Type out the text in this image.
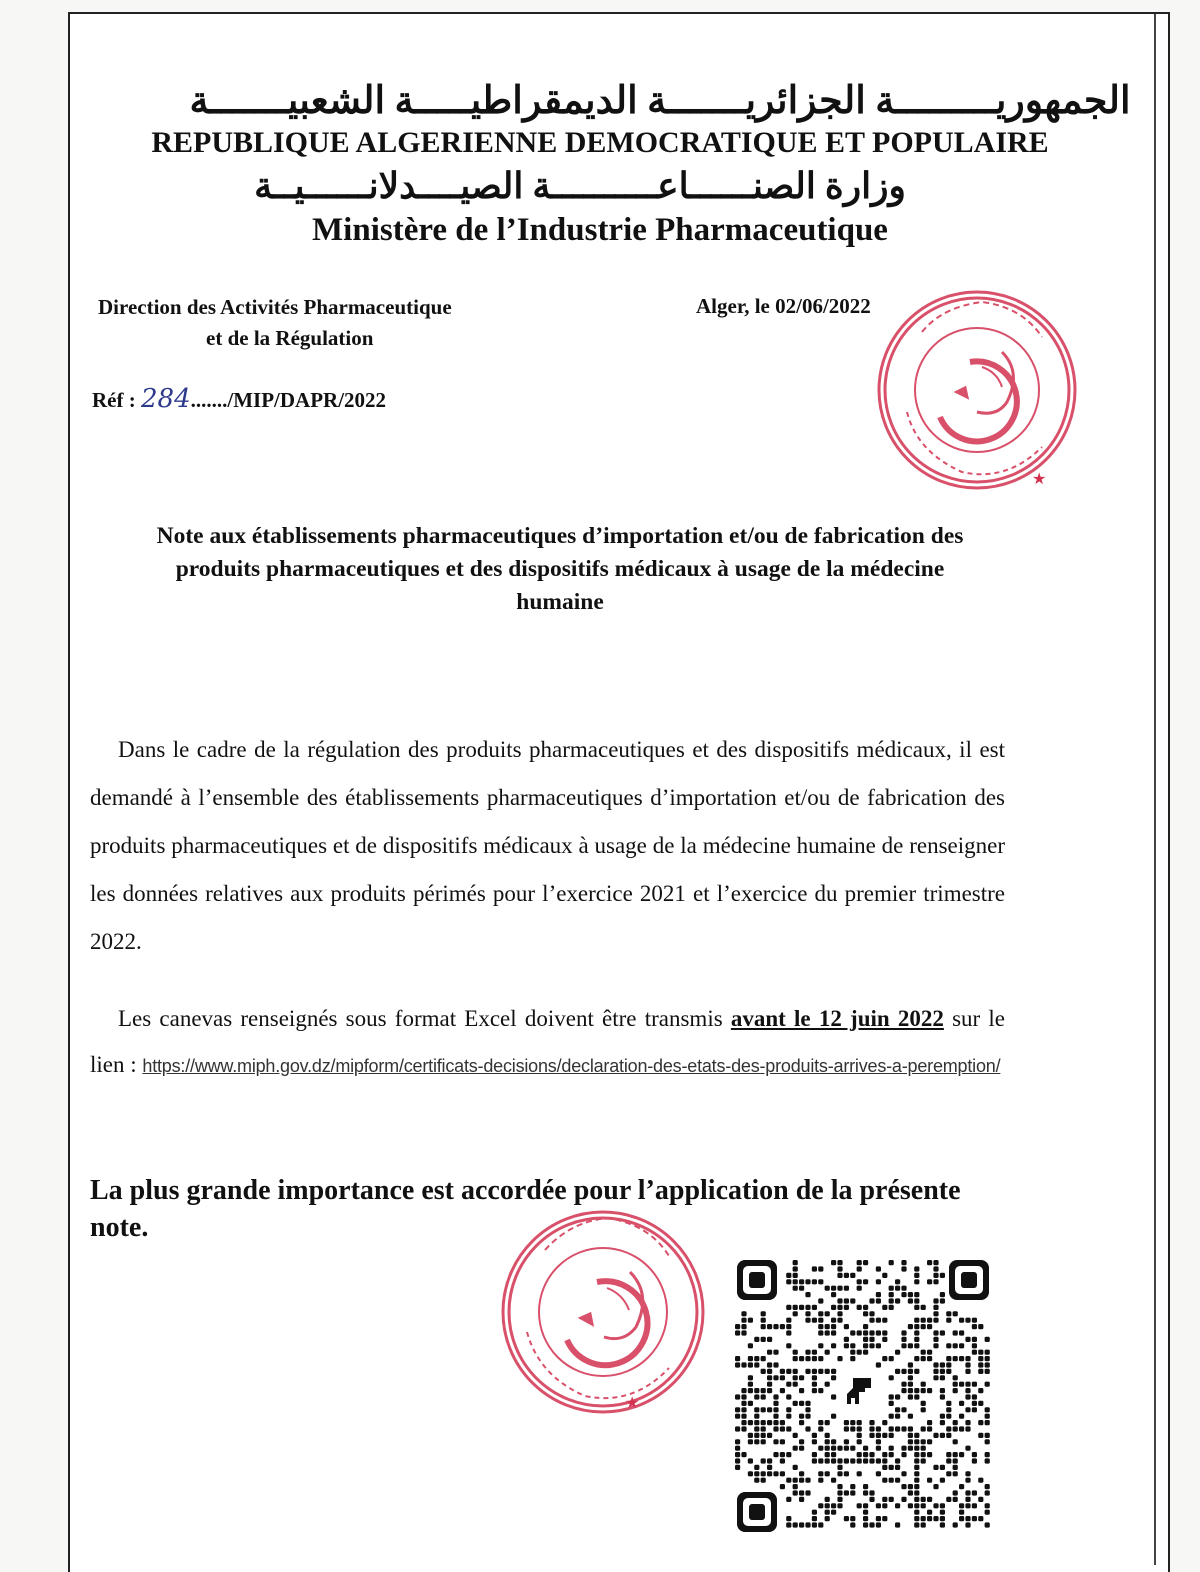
الجمهوريـــــــــة الجزائريـــــــة الديمقراطيـــــة الشعبيـــــــة
REPUBLIQUE ALGERIENNE DEMOCRATIQUE ET POPULAIRE
وزارة الصنــــــاعــــــــــة الصيــــدلانــــــيــة
Ministère de l’Industrie Pharmaceutique
Direction des Activités Pharmaceutique
et de la Régulation
Alger, le 02/06/2022
Réf : 284......./MIP/DAPR/2022
★
Note aux établissements pharmaceutiques d’importation et/ou de fabrication des produits pharmaceutiques et des dispositifs médicaux à usage de la médecine humaine
Dans le cadre de la régulation des produits pharmaceutiques et des dispositifs médicaux, il est demandé à l’ensemble des établissements pharmaceutiques d’importation et/ou de fabrication des produits pharmaceutiques et de dispositifs médicaux à usage de la médecine humaine de renseigner les données relatives aux produits périmés pour l’exercice 2021 et l’exercice du premier trimestre 2022.
Les canevas renseignés sous format Excel doivent être transmis avant le 12 juin 2022 sur le lien : https://www.miph.gov.dz/mipform/certificats-decisions/declaration-des-etats-des-produits-arrives-a-peremption/
La plus grande importance est accordée pour l’application de la présente note.
★
